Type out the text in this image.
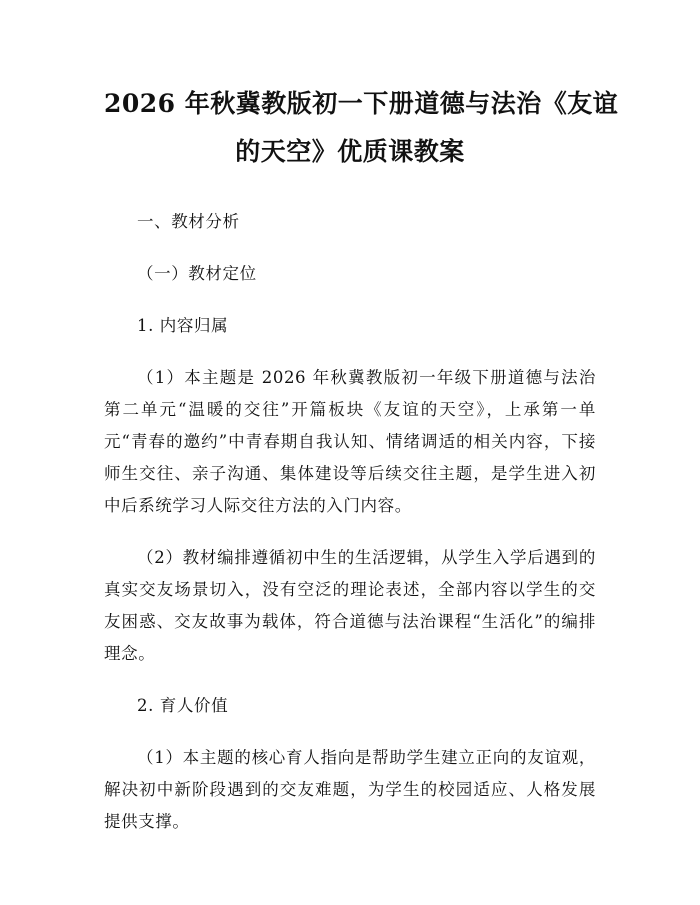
2026 年秋冀教版初一下册道德与法治《友谊
的天空》优质课教案

一、教材分析

（一）教材定位

1. 内容归属

（1）本主题是 2026 年秋冀教版初一年级下册道德与法治第二单元“温暖的交往”开篇板块《友谊的天空》，上承第一单元“青春的邀约”中青春期自我认知、情绪调适的相关内容，下接师生交往、亲子沟通、集体建设等后续交往主题，是学生进入初中后系统学习人际交往方法的入门内容。

（2）教材编排遵循初中生的生活逻辑，从学生入学后遇到的真实交友场景切入，没有空泛的理论表述，全部内容以学生的交友困惑、交友故事为载体，符合道德与法治课程“生活化”的编排理念。

2. 育人价值

（1）本主题的核心育人指向是帮助学生建立正向的友谊观，解决初中新阶段遇到的交友难题，为学生的校园适应、人格发展提供支撑。
